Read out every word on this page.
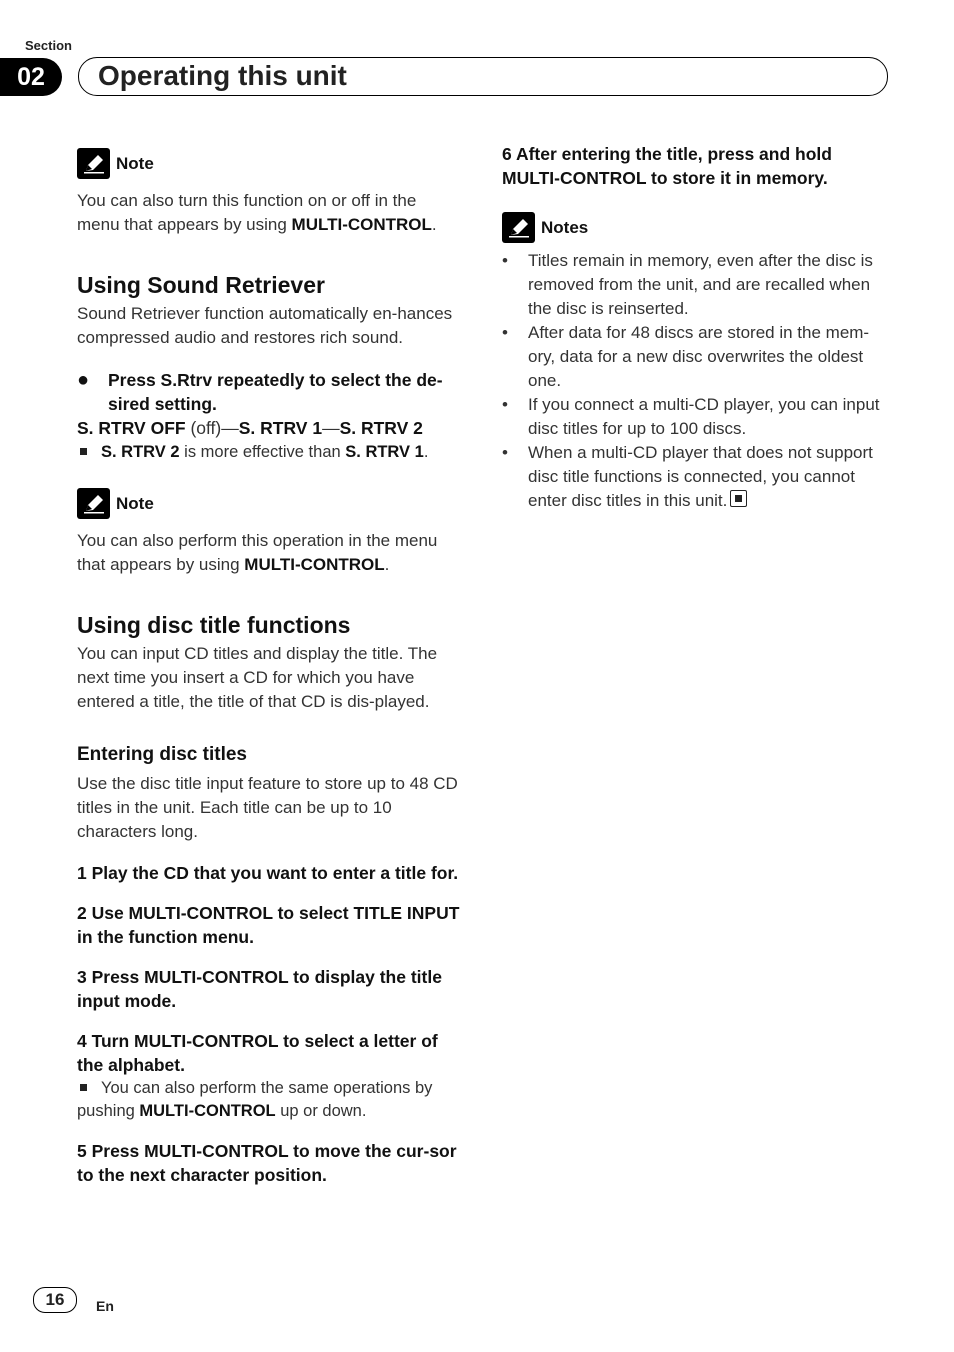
Section
02	Operating this unit
Note
You can also turn this function on or off in the menu that appears by using MULTI-CONTROL.
Using Sound Retriever
Sound Retriever function automatically en-hances compressed audio and restores rich sound.
●	Press S.Rtrv repeatedly to select the de-sired setting.
S. RTRV OFF (off)—S. RTRV 1—S. RTRV 2
S. RTRV 2 is more effective than S. RTRV 1.
Note
You can also perform this operation in the menu that appears by using MULTI-CONTROL.
Using disc title functions
You can input CD titles and display the title. The next time you insert a CD for which you have entered a title, the title of that CD is dis-played.
Entering disc titles
Use the disc title input feature to store up to 48 CD titles in the unit. Each title can be up to 10 characters long.
1 Play the CD that you want to enter a title for.
2 Use MULTI-CONTROL to select TITLE INPUT in the function menu.
3 Press MULTI-CONTROL to display the title input mode.
4 Turn MULTI-CONTROL to select a letter of the alphabet.
You can also perform the same operations by pushing MULTI-CONTROL up or down.
5 Press MULTI-CONTROL to move the cur-sor to the next character position.
6 After entering the title, press and hold MULTI-CONTROL to store it in memory.
Notes
•	Titles remain in memory, even after the disc is removed from the unit, and are recalled when the disc is reinserted.
•	After data for 48 discs are stored in the mem-ory, data for a new disc overwrites the oldest one.
•	If you connect a multi-CD player, you can input disc titles for up to 100 discs.
•	When a multi-CD player that does not support disc title functions is connected, you cannot enter disc titles in this unit.
16	En
